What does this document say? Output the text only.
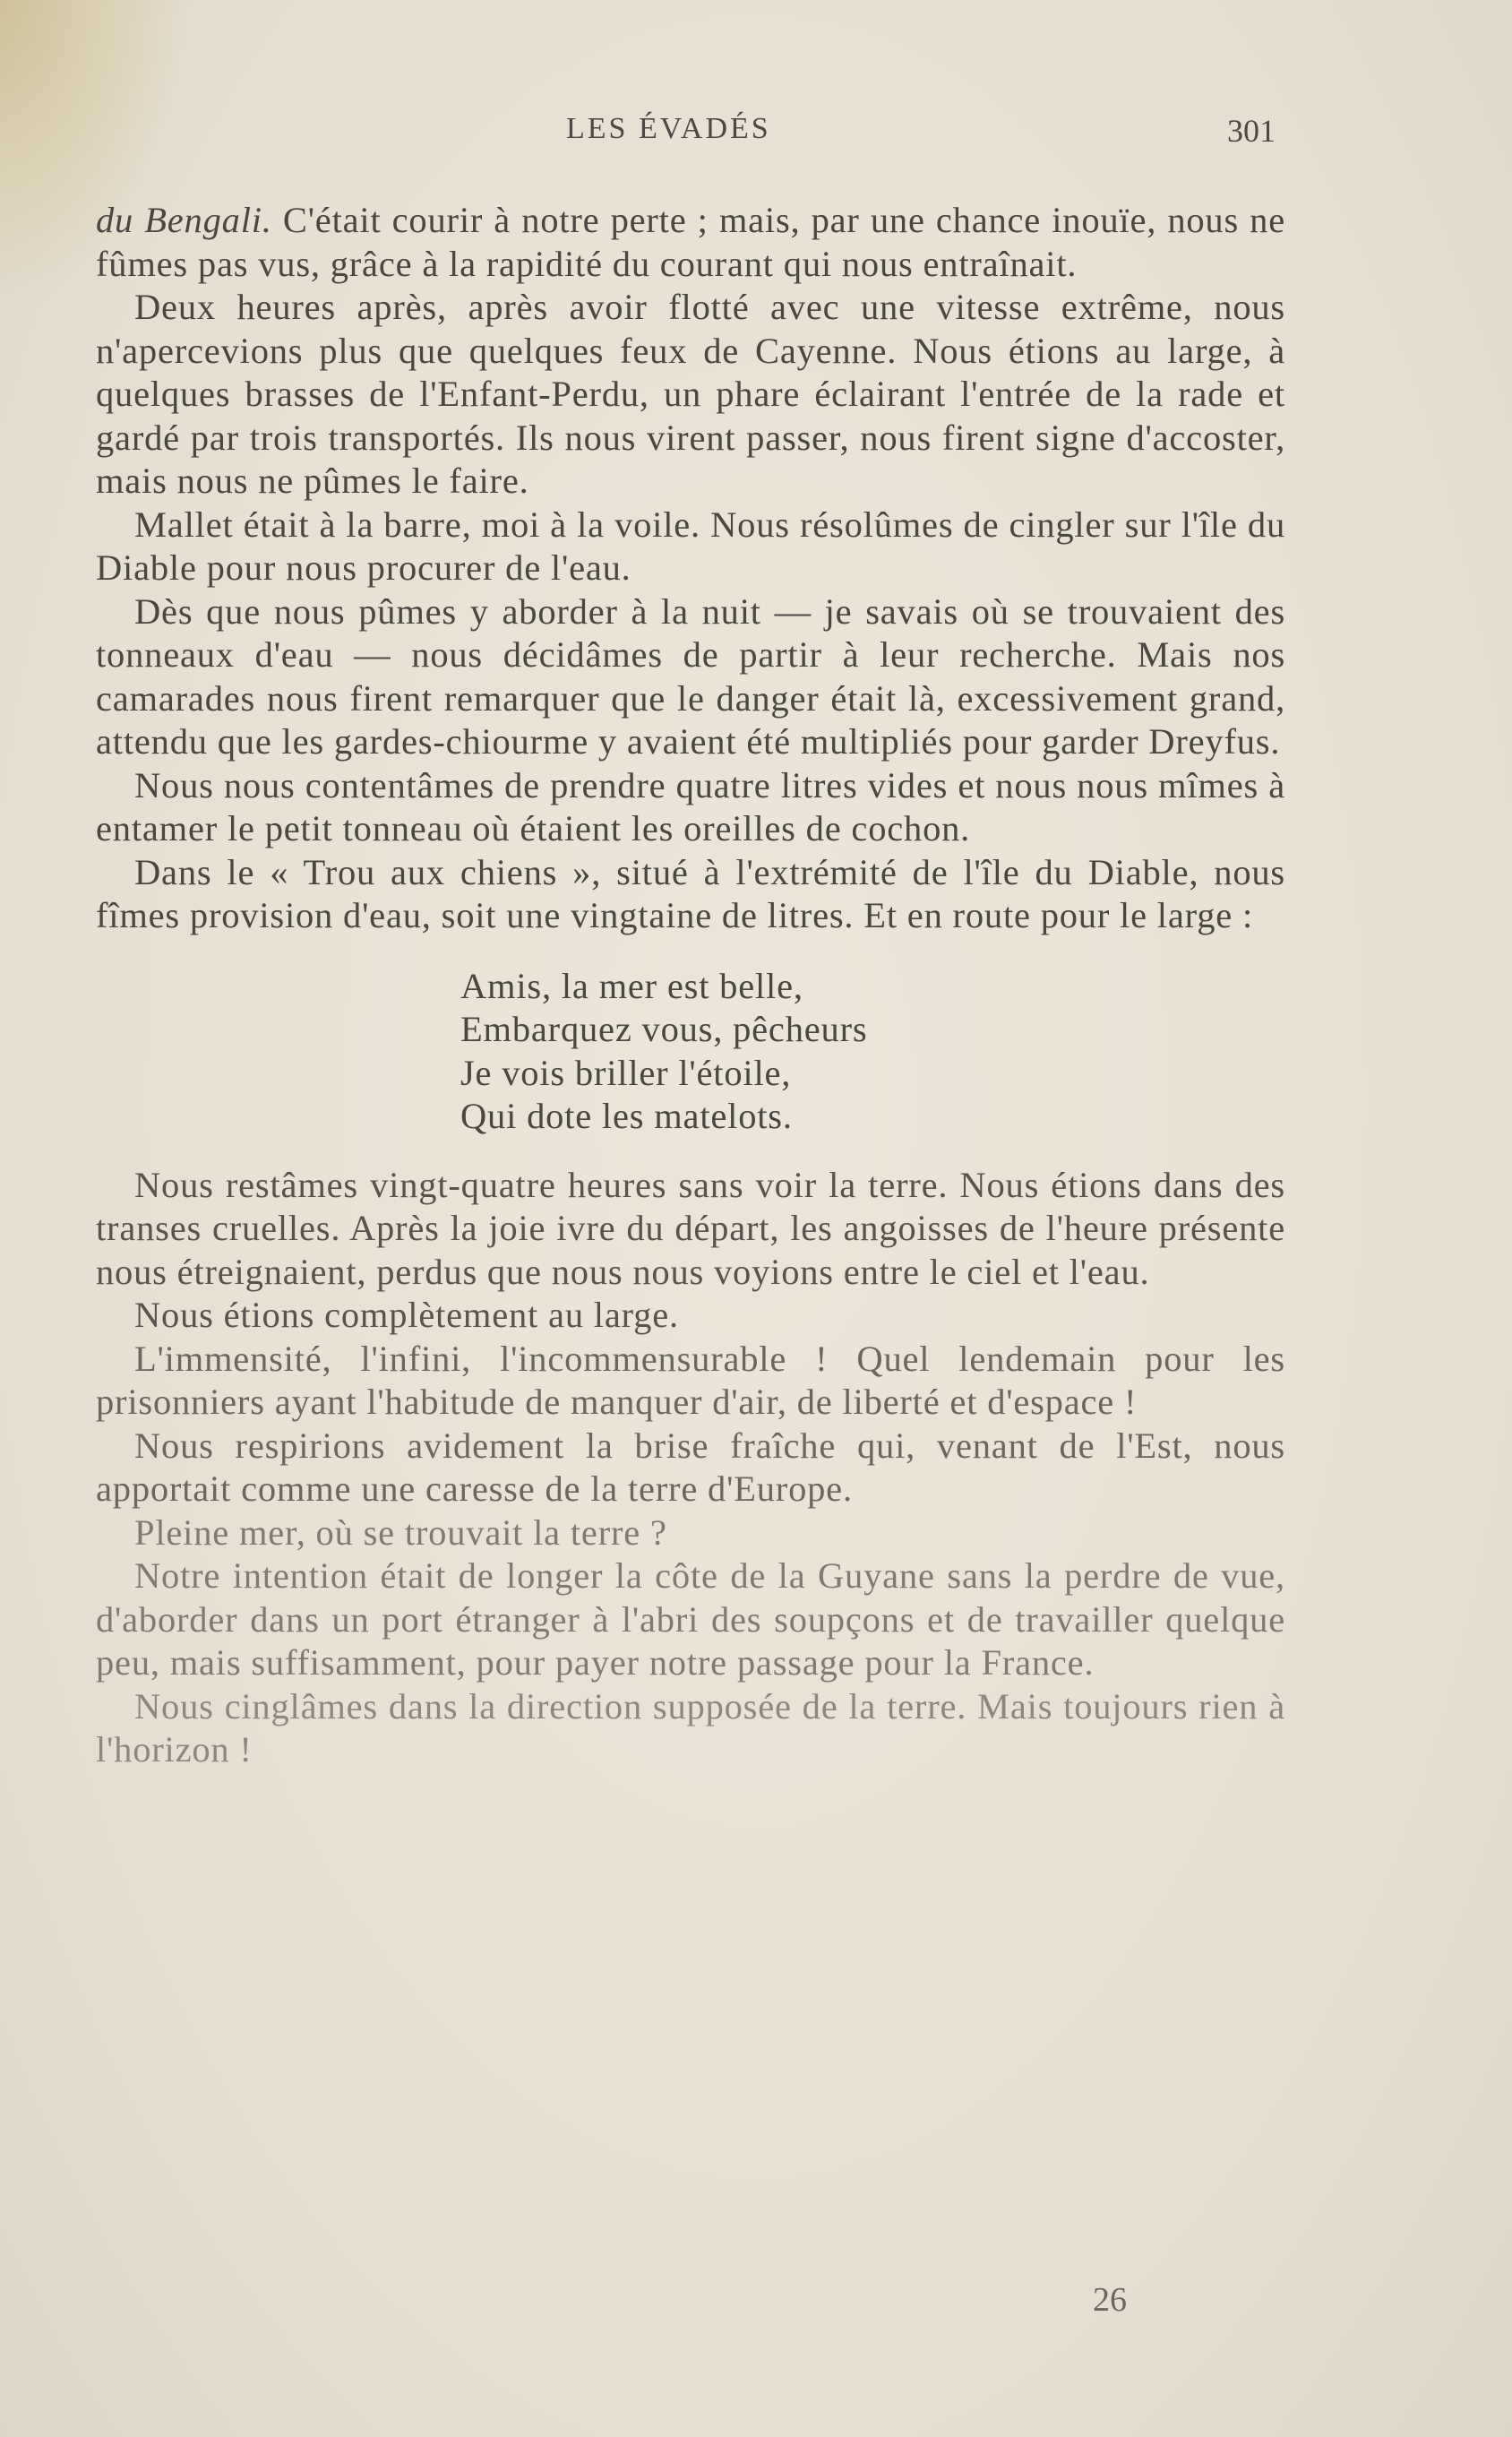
LES ÉVADÉS	301

du Bengali. C'était courir à notre perte ; mais, par une chance inouïe, nous ne fûmes pas vus, grâce à la rapidité du courant qui nous entraînait.

Deux heures après, après avoir flotté avec une vitesse extrême, nous n'apercevions plus que quelques feux de Cayenne. Nous étions au large, à quelques brasses de l'Enfant-Perdu, un phare éclairant l'entrée de la rade et gardé par trois transportés. Ils nous virent passer, nous firent signe d'accoster, mais nous ne pûmes le faire.

Mallet était à la barre, moi à la voile. Nous résolûmes de cingler sur l'île du Diable pour nous procurer de l'eau.

Dès que nous pûmes y aborder à la nuit — je savais où se trouvaient des tonneaux d'eau — nous décidâmes de partir à leur recherche. Mais nos camarades nous firent remarquer que le danger était là, excessivement grand, attendu que les gardes-chiourme y avaient été multipliés pour garder Dreyfus.

Nous nous contentâmes de prendre quatre litres vides et nous nous mîmes à entamer le petit tonneau où étaient les oreilles de cochon.

Dans le « Trou aux chiens », situé à l'extrémité de l'île du Diable, nous fîmes provision d'eau, soit une vingtaine de litres. Et en route pour le large :

Amis, la mer est belle,
Embarquez vous, pêcheurs
Je vois briller l'étoile,
Qui dote les matelots.

Nous restâmes vingt-quatre heures sans voir la terre. Nous étions dans des transes cruelles. Après la joie ivre du départ, les angoisses de l'heure présente nous étreignaient, perdus que nous nous voyions entre le ciel et l'eau.

Nous étions complètement au large.

L'immensité, l'infini, l'incommensurable ! Quel lendemain pour les prisonniers ayant l'habitude de manquer d'air, de liberté et d'espace !

Nous respirions avidement la brise fraîche qui, venant de l'Est, nous apportait comme une caresse de la terre d'Europe.

Pleine mer, où se trouvait la terre ?

Notre intention était de longer la côte de la Guyane sans la perdre de vue, d'aborder dans un port étranger à l'abri des soupçons et de travailler quelque peu, mais suffisamment, pour payer notre passage pour la France.

Nous cinglâmes dans la direction supposée de la terre. Mais toujours rien à l'horizon !

26
